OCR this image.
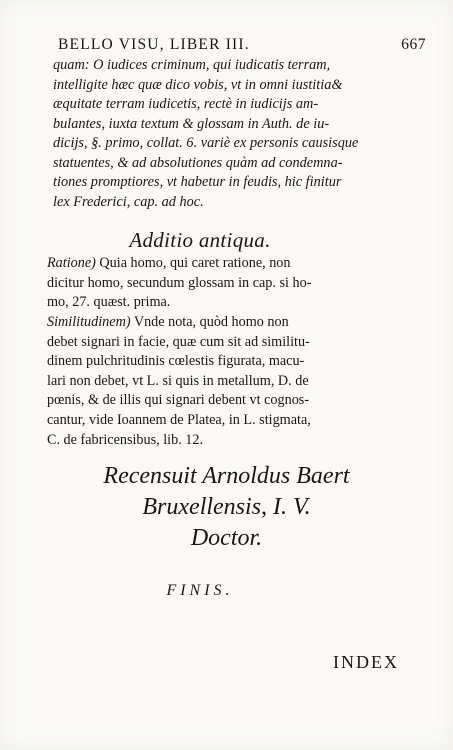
BELLO VISU, LIBER III.	667
quam: O iudices criminum, qui iudicatis terram,
intelligite hæc quæ dico vobis, vt in omni iustitia&
æquitate terram iudicetis, rectè in iudicijs am-
bulantes, iuxta textum & glossam in Auth. de iu-
dicijs, §. primo, collat. 6. variè ex personis causisque
statuentes, & ad absolutiones quàm ad condemna-
tiones promptiores, vt habetur in feudis, hic finitur
lex Frederici, cap. ad hoc.
Additio antiqua.
Ratione) Quia homo, qui caret ratione, non
dicitur homo, secundum glossam in cap. si ho-
mo, 27. quæst. prima.
Similitudinem) Vnde nota, quòd homo non
debet signari in facie, quæ cum sit ad similitu-
dinem pulchritudinis cœlestis figurata, macu-
lari non debet, vt L. si quis in metallum, D. de
pœnis, & de illis qui signari debent vt cognos-
cantur, vide Ioannem de Platea, in L. stigmata,
C. de fabricensibus, lib. 12.
Recensuit Arnoldus Baert
Bruxellensis, I. V.
Doctor.
FINIS.
INDEX
